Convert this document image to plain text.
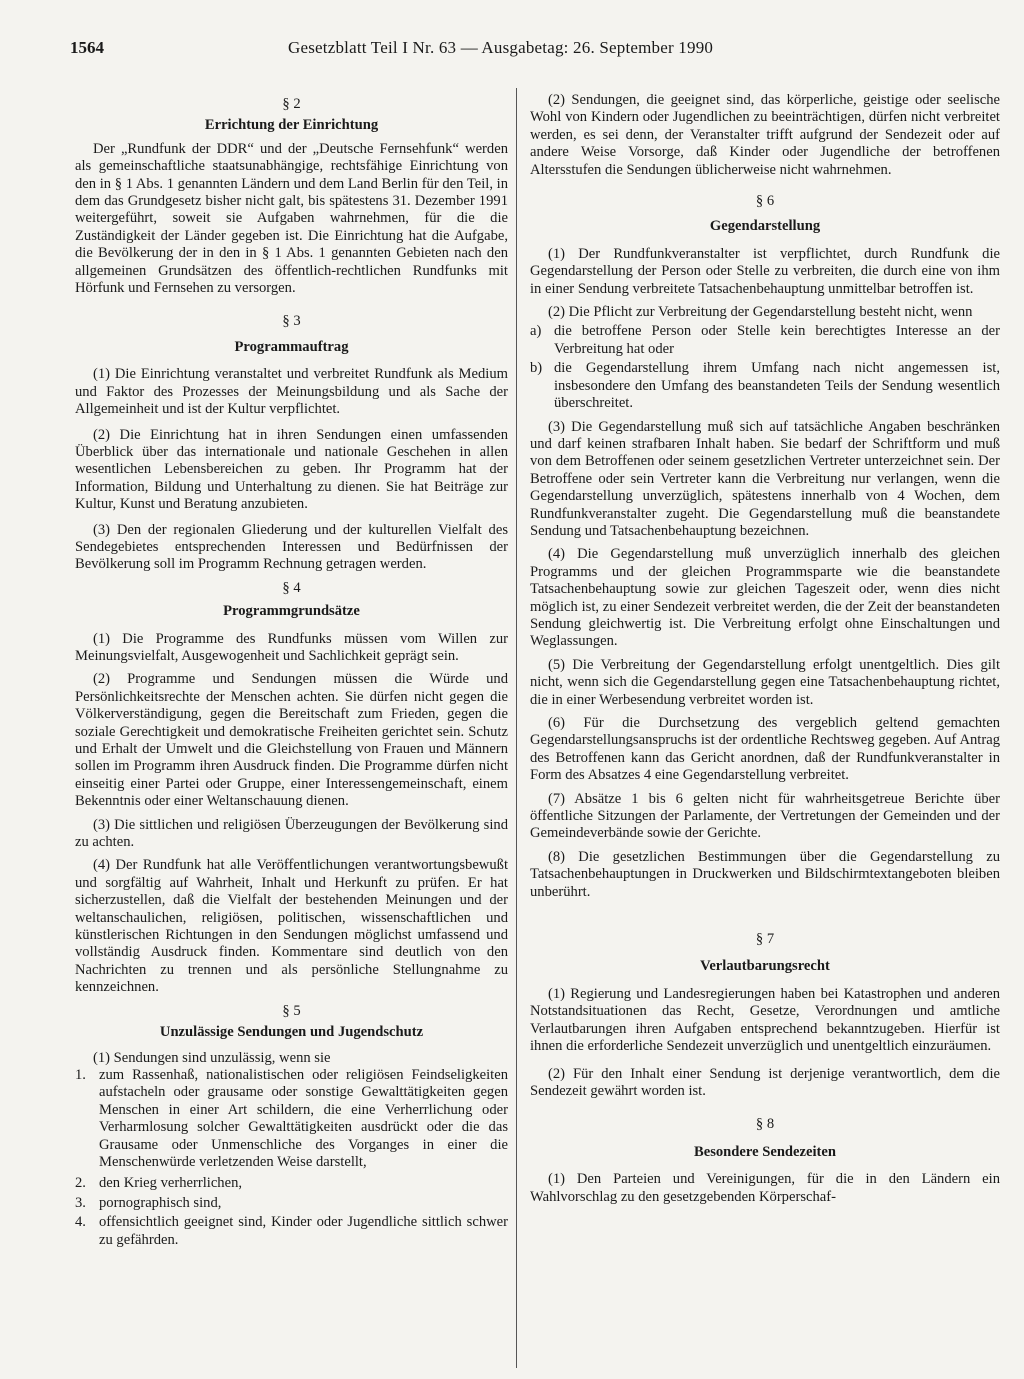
1564	Gesetzblatt Teil I Nr. 63 — Ausgabetag: 26. September 1990

§ 2

Errichtung der Einrichtung

Der „Rundfunk der DDR“ und der „Deutsche Fernsehfunk“ werden als gemeinschaftliche staatsunabhängige, rechtsfähige Einrichtung von den in § 1 Abs. 1 genannten Ländern und dem Land Berlin für den Teil, in dem das Grundgesetz bisher nicht galt, bis spätestens 31. Dezember 1991 weitergeführt, soweit sie Aufgaben wahrnehmen, für die die Zuständigkeit der Länder gegeben ist. Die Einrichtung hat die Aufgabe, die Bevölkerung der in den in § 1 Abs. 1 genannten Gebieten nach den allgemeinen Grundsätzen des öffentlich-rechtlichen Rundfunks mit Hörfunk und Fernsehen zu versorgen.

§ 3

Programmauftrag

(1) Die Einrichtung veranstaltet und verbreitet Rundfunk als Medium und Faktor des Prozesses der Meinungsbildung und als Sache der Allgemeinheit und ist der Kultur verpflichtet.

(2) Die Einrichtung hat in ihren Sendungen einen umfassenden Überblick über das internationale und nationale Geschehen in allen wesentlichen Lebensbereichen zu geben. Ihr Programm hat der Information, Bildung und Unterhaltung zu dienen. Sie hat Beiträge zur Kultur, Kunst und Beratung anzubieten.

(3) Den der regionalen Gliederung und der kulturellen Vielfalt des Sendegebietes entsprechenden Interessen und Bedürfnissen der Bevölkerung soll im Programm Rechnung getragen werden.

§ 4

Programmgrundsätze

(1) Die Programme des Rundfunks müssen vom Willen zur Meinungsvielfalt, Ausgewogenheit und Sachlichkeit geprägt sein.

(2) Programme und Sendungen müssen die Würde und Persönlichkeitsrechte der Menschen achten. Sie dürfen nicht gegen die Völkerverständigung, gegen die Bereitschaft zum Frieden, gegen die soziale Gerechtigkeit und demokratische Freiheiten gerichtet sein. Schutz und Erhalt der Umwelt und die Gleichstellung von Frauen und Männern sollen im Programm ihren Ausdruck finden. Die Programme dürfen nicht einseitig einer Partei oder Gruppe, einer Interessengemeinschaft, einem Bekenntnis oder einer Weltanschauung dienen.

(3) Die sittlichen und religiösen Überzeugungen der Bevölkerung sind zu achten.

(4) Der Rundfunk hat alle Veröffentlichungen verantwortungsbewußt und sorgfältig auf Wahrheit, Inhalt und Herkunft zu prüfen. Er hat sicherzustellen, daß die Vielfalt der bestehenden Meinungen und der weltanschaulichen, religiösen, politischen, wissenschaftlichen und künstlerischen Richtungen in den Sendungen möglichst umfassend und vollständig Ausdruck finden. Kommentare sind deutlich von den Nachrichten zu trennen und als persönliche Stellungnahme zu kennzeichnen.

§ 5

Unzulässige Sendungen und Jugendschutz

(1) Sendungen sind unzulässig, wenn sie

1. zum Rassenhaß, nationalistischen oder religiösen Feindseligkeiten aufstacheln oder grausame oder sonstige Gewalttätigkeiten gegen Menschen in einer Art schildern, die eine Verherrlichung oder Verharmlosung solcher Gewalttätigkeiten ausdrückt oder die das Grausame oder Unmenschliche des Vorganges in einer die Menschenwürde verletzenden Weise darstellt,
2. den Krieg verherrlichen,
3. pornographisch sind,
4. offensichtlich geeignet sind, Kinder oder Jugendliche sittlich schwer zu gefährden.

(2) Sendungen, die geeignet sind, das körperliche, geistige oder seelische Wohl von Kindern oder Jugendlichen zu beeinträchtigen, dürfen nicht verbreitet werden, es sei denn, der Veranstalter trifft aufgrund der Sendezeit oder auf andere Weise Vorsorge, daß Kinder oder Jugendliche der betroffenen Altersstufen die Sendungen üblicherweise nicht wahrnehmen.

§ 6

Gegendarstellung

(1) Der Rundfunkveranstalter ist verpflichtet, durch Rundfunk die Gegendarstellung der Person oder Stelle zu verbreiten, die durch eine von ihm in einer Sendung verbreitete Tatsachenbehauptung unmittelbar betroffen ist.

(2) Die Pflicht zur Verbreitung der Gegendarstellung besteht nicht, wenn

a) die betroffene Person oder Stelle kein berechtigtes Interesse an der Verbreitung hat oder
b) die Gegendarstellung ihrem Umfang nach nicht angemessen ist, insbesondere den Umfang des beanstandeten Teils der Sendung wesentlich überschreitet.

(3) Die Gegendarstellung muß sich auf tatsächliche Angaben beschränken und darf keinen strafbaren Inhalt haben. Sie bedarf der Schriftform und muß von dem Betroffenen oder seinem gesetzlichen Vertreter unterzeichnet sein. Der Betroffene oder sein Vertreter kann die Verbreitung nur verlangen, wenn die Gegendarstellung unverzüglich, spätestens innerhalb von 4 Wochen, dem Rundfunkveranstalter zugeht. Die Gegendarstellung muß die beanstandete Sendung und Tatsachenbehauptung bezeichnen.

(4) Die Gegendarstellung muß unverzüglich innerhalb des gleichen Programms und der gleichen Programmsparte wie die beanstandete Tatsachenbehauptung sowie zur gleichen Tageszeit oder, wenn dies nicht möglich ist, zu einer Sendezeit verbreitet werden, die der Zeit der beanstandeten Sendung gleichwertig ist. Die Verbreitung erfolgt ohne Einschaltungen und Weglassungen.

(5) Die Verbreitung der Gegendarstellung erfolgt unentgeltlich. Dies gilt nicht, wenn sich die Gegendarstellung gegen eine Tatsachenbehauptung richtet, die in einer Werbesendung verbreitet worden ist.

(6) Für die Durchsetzung des vergeblich geltend gemachten Gegendarstellungsanspruchs ist der ordentliche Rechtsweg gegeben. Auf Antrag des Betroffenen kann das Gericht anordnen, daß der Rundfunkveranstalter in Form des Absatzes 4 eine Gegendarstellung verbreitet.

(7) Absätze 1 bis 6 gelten nicht für wahrheitsgetreue Berichte über öffentliche Sitzungen der Parlamente, der Vertretungen der Gemeinden und der Gemeindeverbände sowie der Gerichte.

(8) Die gesetzlichen Bestimmungen über die Gegendarstellung zu Tatsachenbehauptungen in Druckwerken und Bildschirmtextangeboten bleiben unberührt.

§ 7

Verlautbarungsrecht

(1) Regierung und Landesregierungen haben bei Katastrophen und anderen Notstandsituationen das Recht, Gesetze, Verordnungen und amtliche Verlautbarungen ihren Aufgaben entsprechend bekanntzugeben. Hierfür ist ihnen die erforderliche Sendezeit unverzüglich und unentgeltlich einzuräumen.

(2) Für den Inhalt einer Sendung ist derjenige verantwortlich, dem die Sendezeit gewährt worden ist.

§ 8

Besondere Sendezeiten

(1) Den Parteien und Vereinigungen, für die in den Ländern ein Wahlvorschlag zu den gesetzgebenden Körperschaf-
